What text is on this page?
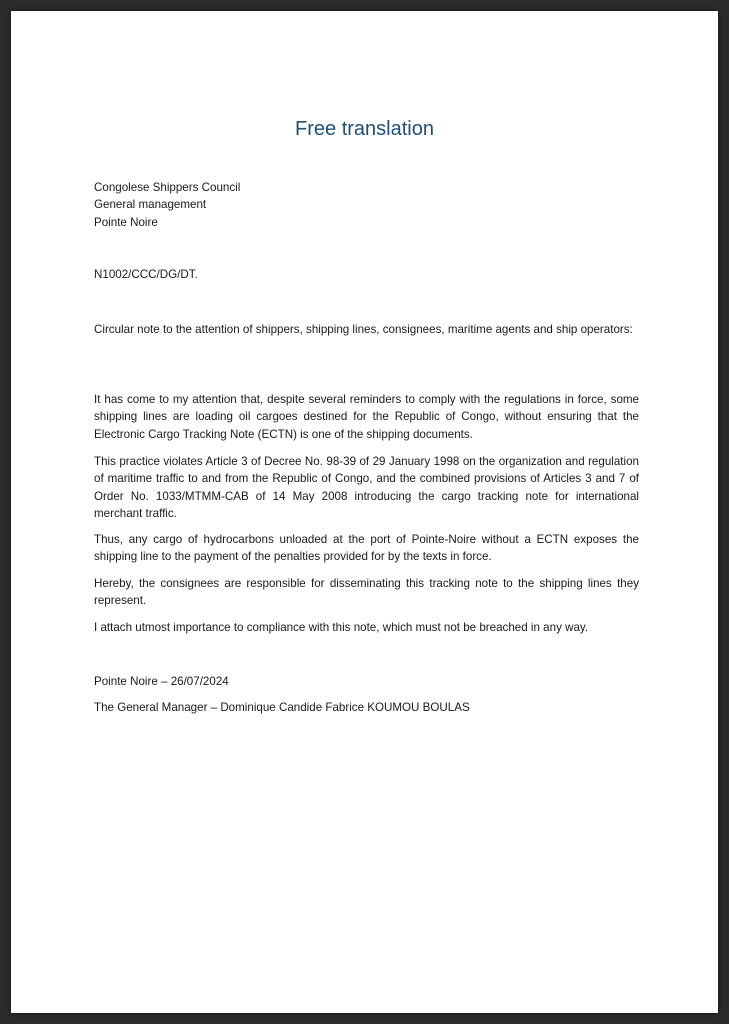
Free translation
Congolese Shippers Council
General management
Pointe Noire

N1002/CCC/DG/DT.

Circular note to the attention of shippers, shipping lines, consignees, maritime agents and ship operators:

It has come to my attention that, despite several reminders to comply with the regulations in force, some shipping lines are loading oil cargoes destined for the Republic of Congo, without ensuring that the Electronic Cargo Tracking Note (ECTN) is one of the shipping documents.

This practice violates Article 3 of Decree No. 98-39 of 29 January 1998 on the organization and regulation of maritime traffic to and from the Republic of Congo, and the combined provisions of Articles 3 and 7 of Order No. 1033/MTMM-CAB of 14 May 2008 introducing the cargo tracking note for international merchant traffic.

Thus, any cargo of hydrocarbons unloaded at the port of Pointe-Noire without a ECTN exposes the shipping line to the payment of the penalties provided for by the texts in force.

Hereby, the consignees are responsible for disseminating this tracking note to the shipping lines they represent.

I attach utmost importance to compliance with this note, which must not be breached in any way.

Pointe Noire – 26/07/2024

The General Manager – Dominique Candide Fabrice KOUMOU BOULAS
